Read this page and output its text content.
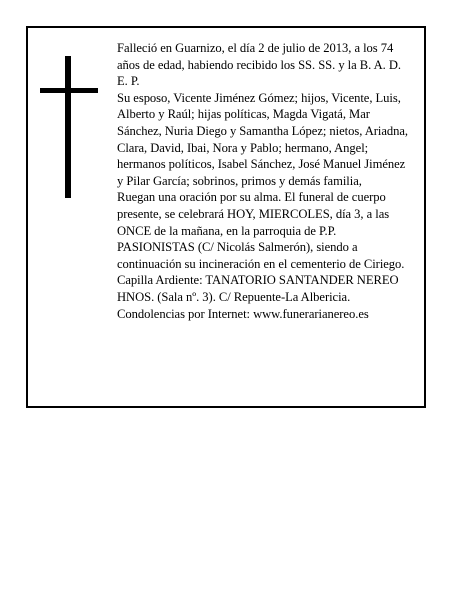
Falleció en Guarnizo, el día 2 de julio de 2013, a los 74 años de edad, habiendo recibido los SS. SS. y la B. A. D. E. P.

Su esposo, Vicente Jiménez Gómez; hijos, Vicente, Luis, Alberto y Raúl; hijas políticas, Magda Vigatá, Mar Sánchez, Nuria Diego y Samantha López; nietos, Ariadna, Clara, David, Ibai, Nora y Pablo; hermano, Angel; hermanos políticos, Isabel Sánchez, José Manuel Jiménez y Pilar García; sobrinos, primos y demás familia,

Ruegan una oración por su alma. El funeral de cuerpo presente, se celebrará HOY, MIERCOLES, día 3, a las ONCE de la mañana, en la parroquia de P.P. PASIONISTAS (C/ Nicolás Salmerón), siendo a continuación su incineración en el cementerio de Ciriego. Capilla Ardiente: TANATORIO SANTANDER NEREO HNOS. (Sala nº. 3). C/ Repuente-La Albericia.

Condolencias por Internet: www.funerarianereo.es
